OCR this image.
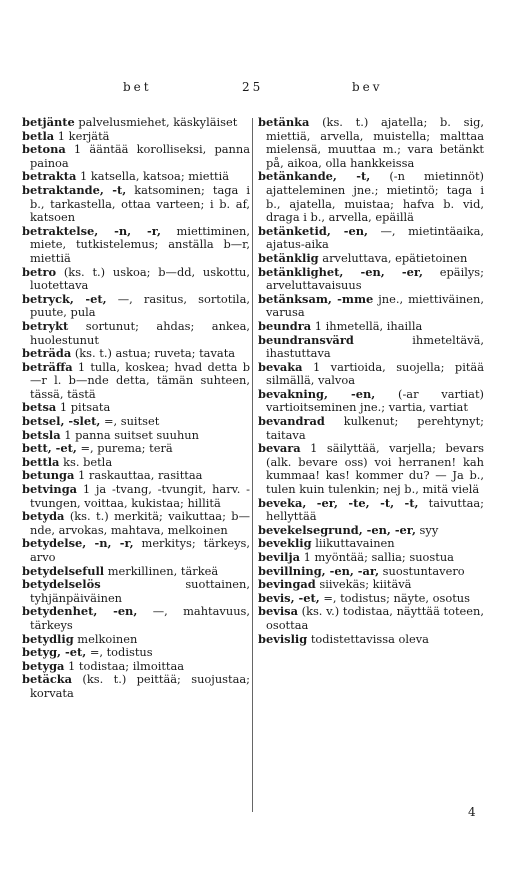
bet	25	bev

betjänte palvelusmiehet, käskyläiset

betla 1 kerjätä

betona 1 ääntää korolliseksi, panna painoa

betrakta 1 katsella, katsoa; miettiä

betraktande, -t, katsominen; taga i b., tarkastella, ottaa varteen; i b. af, katsoen

betraktelse, -n, -r, miettiminen, miete, tutkistelemus; anställa b—r, miettiä

betro (ks. t.) uskoa; b—dd, uskottu, luotettava

betryck, -et, —, rasitus, sortotila, puute, pula

betrykt sortunut; ahdas; ankea, huolestunut

beträda (ks. t.) astua; ruveta; tavata

beträffa 1 tulla, koskea; hvad detta b—r l. b—nde detta, tämän suhteen, tässä, tästä

betsa 1 pitsata

betsel, -slet, =, suitset

betsla 1 panna suitset suuhun

bett, -et, =, purema; terä

bettla ks. betla

betunga 1 raskauttaa, rasittaa

betvinga 1 ja -tvang, -tvungit, harv. -tvungen, voittaa, kukistaa; hillitä

betyda (ks. t.) merkitä; vaikuttaa; b—nde, arvokas, mahtava, melkoinen

betydelse, -n, -r, merkitys; tärkeys, arvo

betydelsefull merkillinen, tärkeä

betydelselös suottainen, tyhjänpäiväinen

betydenhet, -en, —, mahtavuus, tärkeys

betydlig melkoinen

betyg, -et, =, todistus

betyga 1 todistaa; ilmoittaa

betäcka (ks. t.) peittää; suojustaa; korvata

betänka (ks. t.) ajatella; b. sig, miettiä, arvella, muistella; malttaa mielensä, muuttaa m.; vara betänkt på, aikoa, olla hankkeissa

betänkande, -t, (-n mietinnöt) ajatteleminen jne.; mietintö; taga i b., ajatella, muistaa; hafva b. vid, draga i b., arvella, epäillä

betänketid, -en, —, mietintäaika, ajatus-aika

betänklig arveluttava, epätietoinen

betänklighet, -en, -er, epäilys; arveluttavaisuus

betänksam, -mme jne., miettiväinen, varusa

beundra 1 ihmetellä, ihailla

beundransvärd ihmeteltävä, ihastuttava

bevaka 1 vartioida, suojella; pitää silmällä, valvoa

bevakning, -en, (-ar vartiat) vartioitseminen jne.; vartia, vartiat

bevandrad kulkenut; perehtynyt; taitava

bevara 1 säilyttää, varjella; bevars (alk. bevare oss) voi herranen! kah kummaa! kas! kommer du? — Ja b., tulen kuin tulenkin; nej b., mitä vielä

beveka, -er, -te, -t, -t, taivuttaa; hellyttää

bevekelsegrund, -en, -er, syy

beveklig liikuttavainen

bevilja 1 myöntää; sallia; suostua

bevillning, -en, -ar, suostuntavero

bevingad siivekäs; kiitävä

bevis, -et, =, todistus; näyte, osotus

bevisa (ks. v.) todistaa, näyttää toteen, osottaa

bevislig todistettavissa oleva

4
